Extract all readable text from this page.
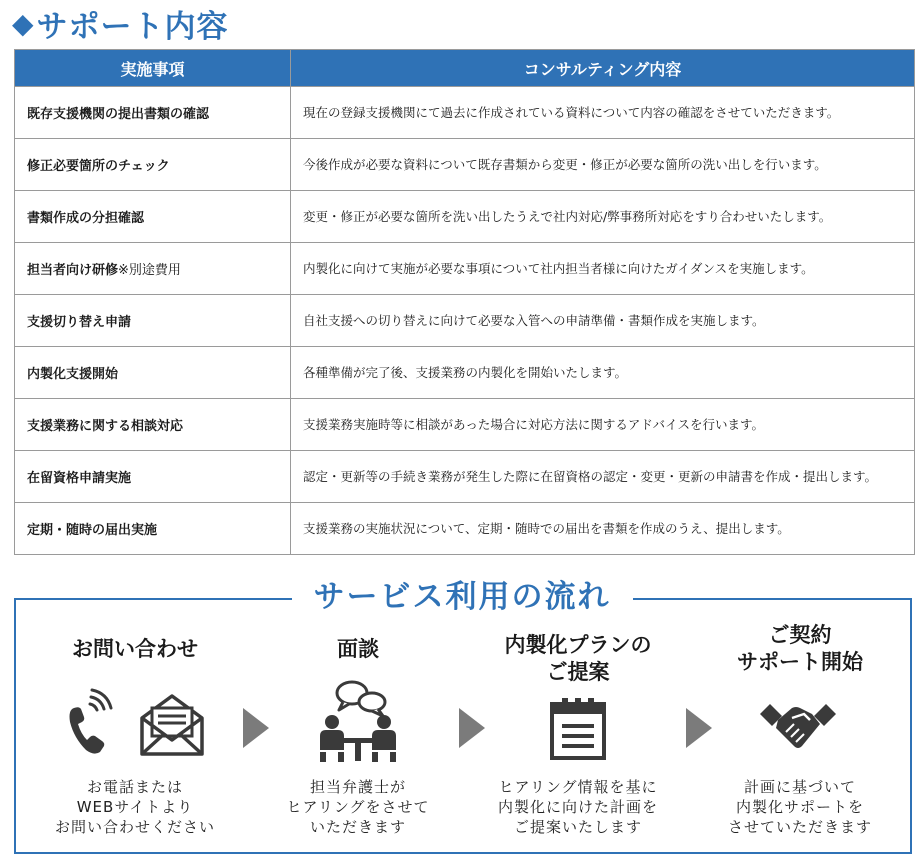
◆ サポート内容
実施事項	コンサルティング内容
既存支援機関の提出書類の確認	現在の登録支援機関にて過去に作成されている資料について内容の確認をさせていただきます。
修正必要箇所のチェック	今後作成が必要な資料について既存書類から変更・修正が必要な箇所の洗い出しを行います。
書類作成の分担確認	変更・修正が必要な箇所を洗い出したうえで社内対応/弊事務所対応をすり合わせいたします。
担当者向け研修※別途費用	内製化に向けて実施が必要な事項について社内担当者様に向けたガイダンスを実施します。
支援切り替え申請	自社支援への切り替えに向けて必要な入管への申請準備・書類作成を実施します。
内製化支援開始	各種準備が完了後、支援業務の内製化を開始いたします。
支援業務に関する相談対応	支援業務実施時等に相談があった場合に対応方法に関するアドバイスを行います。
在留資格申請実施	認定・更新等の手続き業務が発生した際に在留資格の認定・変更・更新の申請書を作成・提出します。
定期・随時の届出実施	支援業務の実施状況について、定期・随時での届出を書類を作成のうえ、提出します。
サービス利用の流れ
お問い合わせ
お電話または
WEBサイトより
お問い合わせください
面談
担当弁護士が
ヒアリングをさせて
いただきます
内製化プランの
ご提案
ヒアリング情報を基に
内製化に向けた計画を
ご提案いたします
ご契約
サポート開始
計画に基づいて
内製化サポートを
させていただきます
